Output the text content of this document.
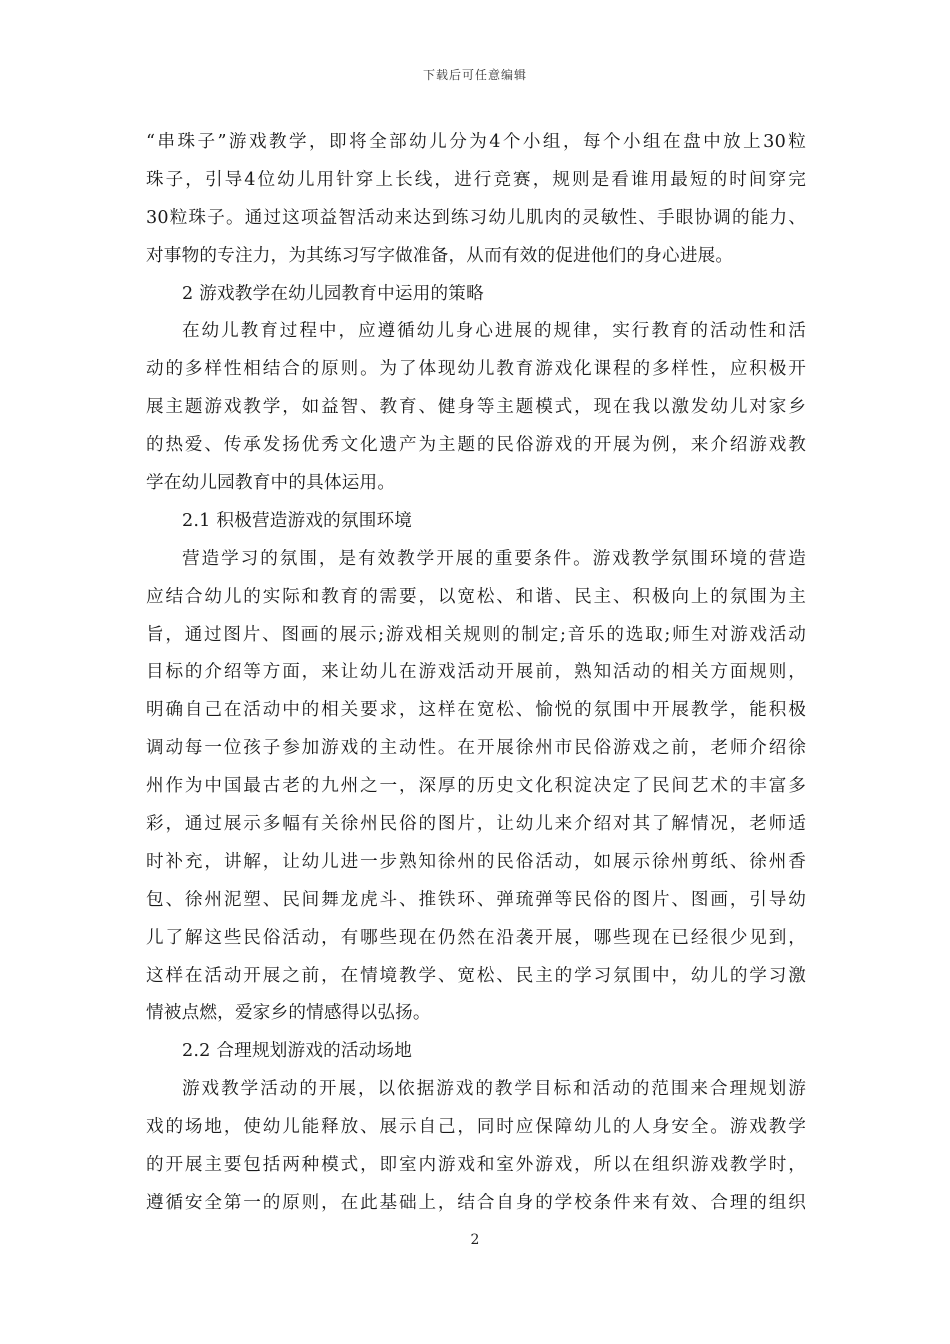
下载后可任意编辑
“串珠子”游戏教学，即将全部幼儿分为4个小组，每个小组在盘中放上30粒
珠子，引导4位幼儿用针穿上长线，进行竞赛，规则是看谁用最短的时间穿完
30粒珠子。通过这项益智活动来达到练习幼儿肌肉的灵敏性、手眼协调的能力、
对事物的专注力，为其练习写字做准备，从而有效的促进他们的身心进展。
2 游戏教学在幼儿园教育中运用的策略
在幼儿教育过程中，应遵循幼儿身心进展的规律，实行教育的活动性和活
动的多样性相结合的原则。为了体现幼儿教育游戏化课程的多样性，应积极开
展主题游戏教学，如益智、教育、健身等主题模式，现在我以激发幼儿对家乡
的热爱、传承发扬优秀文化遗产为主题的民俗游戏的开展为例，来介绍游戏教
学在幼儿园教育中的具体运用。
2.1 积极营造游戏的氛围环境
营造学习的氛围，是有效教学开展的重要条件。游戏教学氛围环境的营造
应结合幼儿的实际和教育的需要，以宽松、和谐、民主、积极向上的氛围为主
旨，通过图片、图画的展示;游戏相关规则的制定;音乐的选取;师生对游戏活动
目标的介绍等方面，来让幼儿在游戏活动开展前，熟知活动的相关方面规则，
明确自己在活动中的相关要求，这样在宽松、愉悦的氛围中开展教学，能积极
调动每一位孩子参加游戏的主动性。在开展徐州市民俗游戏之前，老师介绍徐
州作为中国最古老的九州之一，深厚的历史文化积淀决定了民间艺术的丰富多
彩，通过展示多幅有关徐州民俗的图片，让幼儿来介绍对其了解情况，老师适
时补充，讲解，让幼儿进一步熟知徐州的民俗活动，如展示徐州剪纸、徐州香
包、徐州泥塑、民间舞龙虎斗、推铁环、弹琉弹等民俗的图片、图画，引导幼
儿了解这些民俗活动，有哪些现在仍然在沿袭开展，哪些现在已经很少见到，
这样在活动开展之前，在情境教学、宽松、民主的学习氛围中，幼儿的学习激
情被点燃，爱家乡的情感得以弘扬。
2.2 合理规划游戏的活动场地
游戏教学活动的开展，以依据游戏的教学目标和活动的范围来合理规划游
戏的场地，使幼儿能释放、展示自己，同时应保障幼儿的人身安全。游戏教学
的开展主要包括两种模式，即室内游戏和室外游戏，所以在组织游戏教学时，
遵循安全第一的原则，在此基础上，结合自身的学校条件来有效、合理的组织
2
